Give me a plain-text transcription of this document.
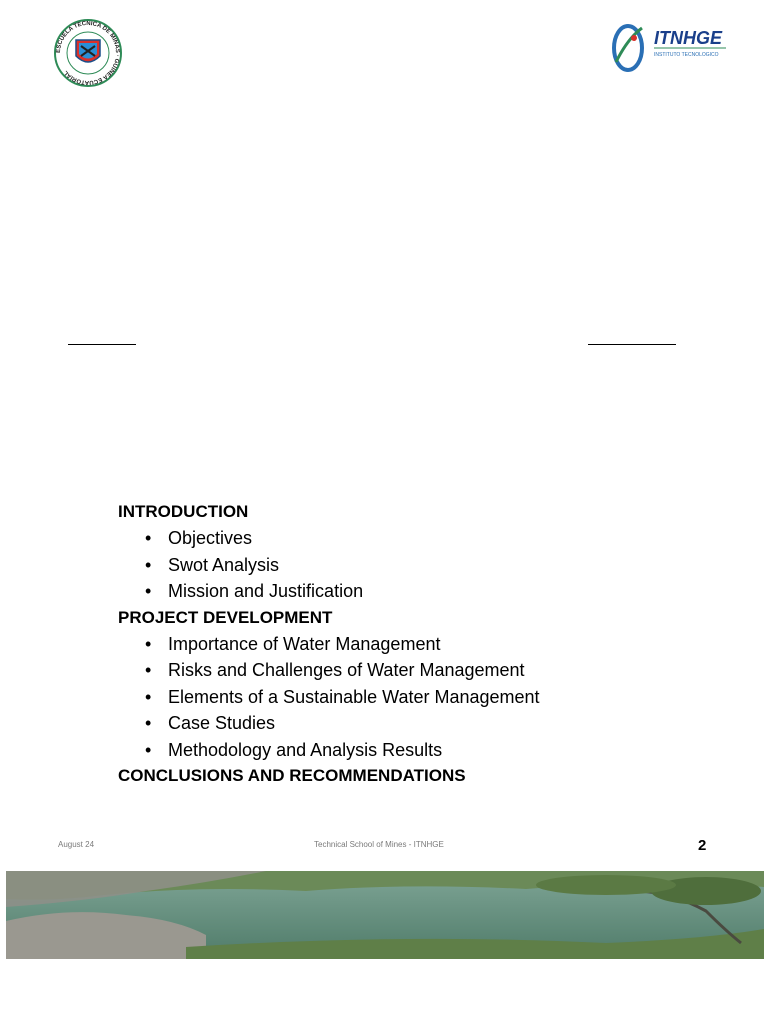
ESCUELA TECNICA DE MINAS · GUINEA ECUATORIAL
ITNHGE
INSTITUTO TECNOLOGICO

INTRODUCTION

• Objectives
• Swot Analysis
• Mission and Justification

PROJECT DEVELOPMENT

• Importance of Water Management
• Risks and Challenges of Water Management
• Elements of a Sustainable Water Management
• Case Studies
• Methodology and Analysis Results

CONCLUSIONS AND RECOMMENDATIONS

August 24	Technical School of Mines - ITNHGE	2
